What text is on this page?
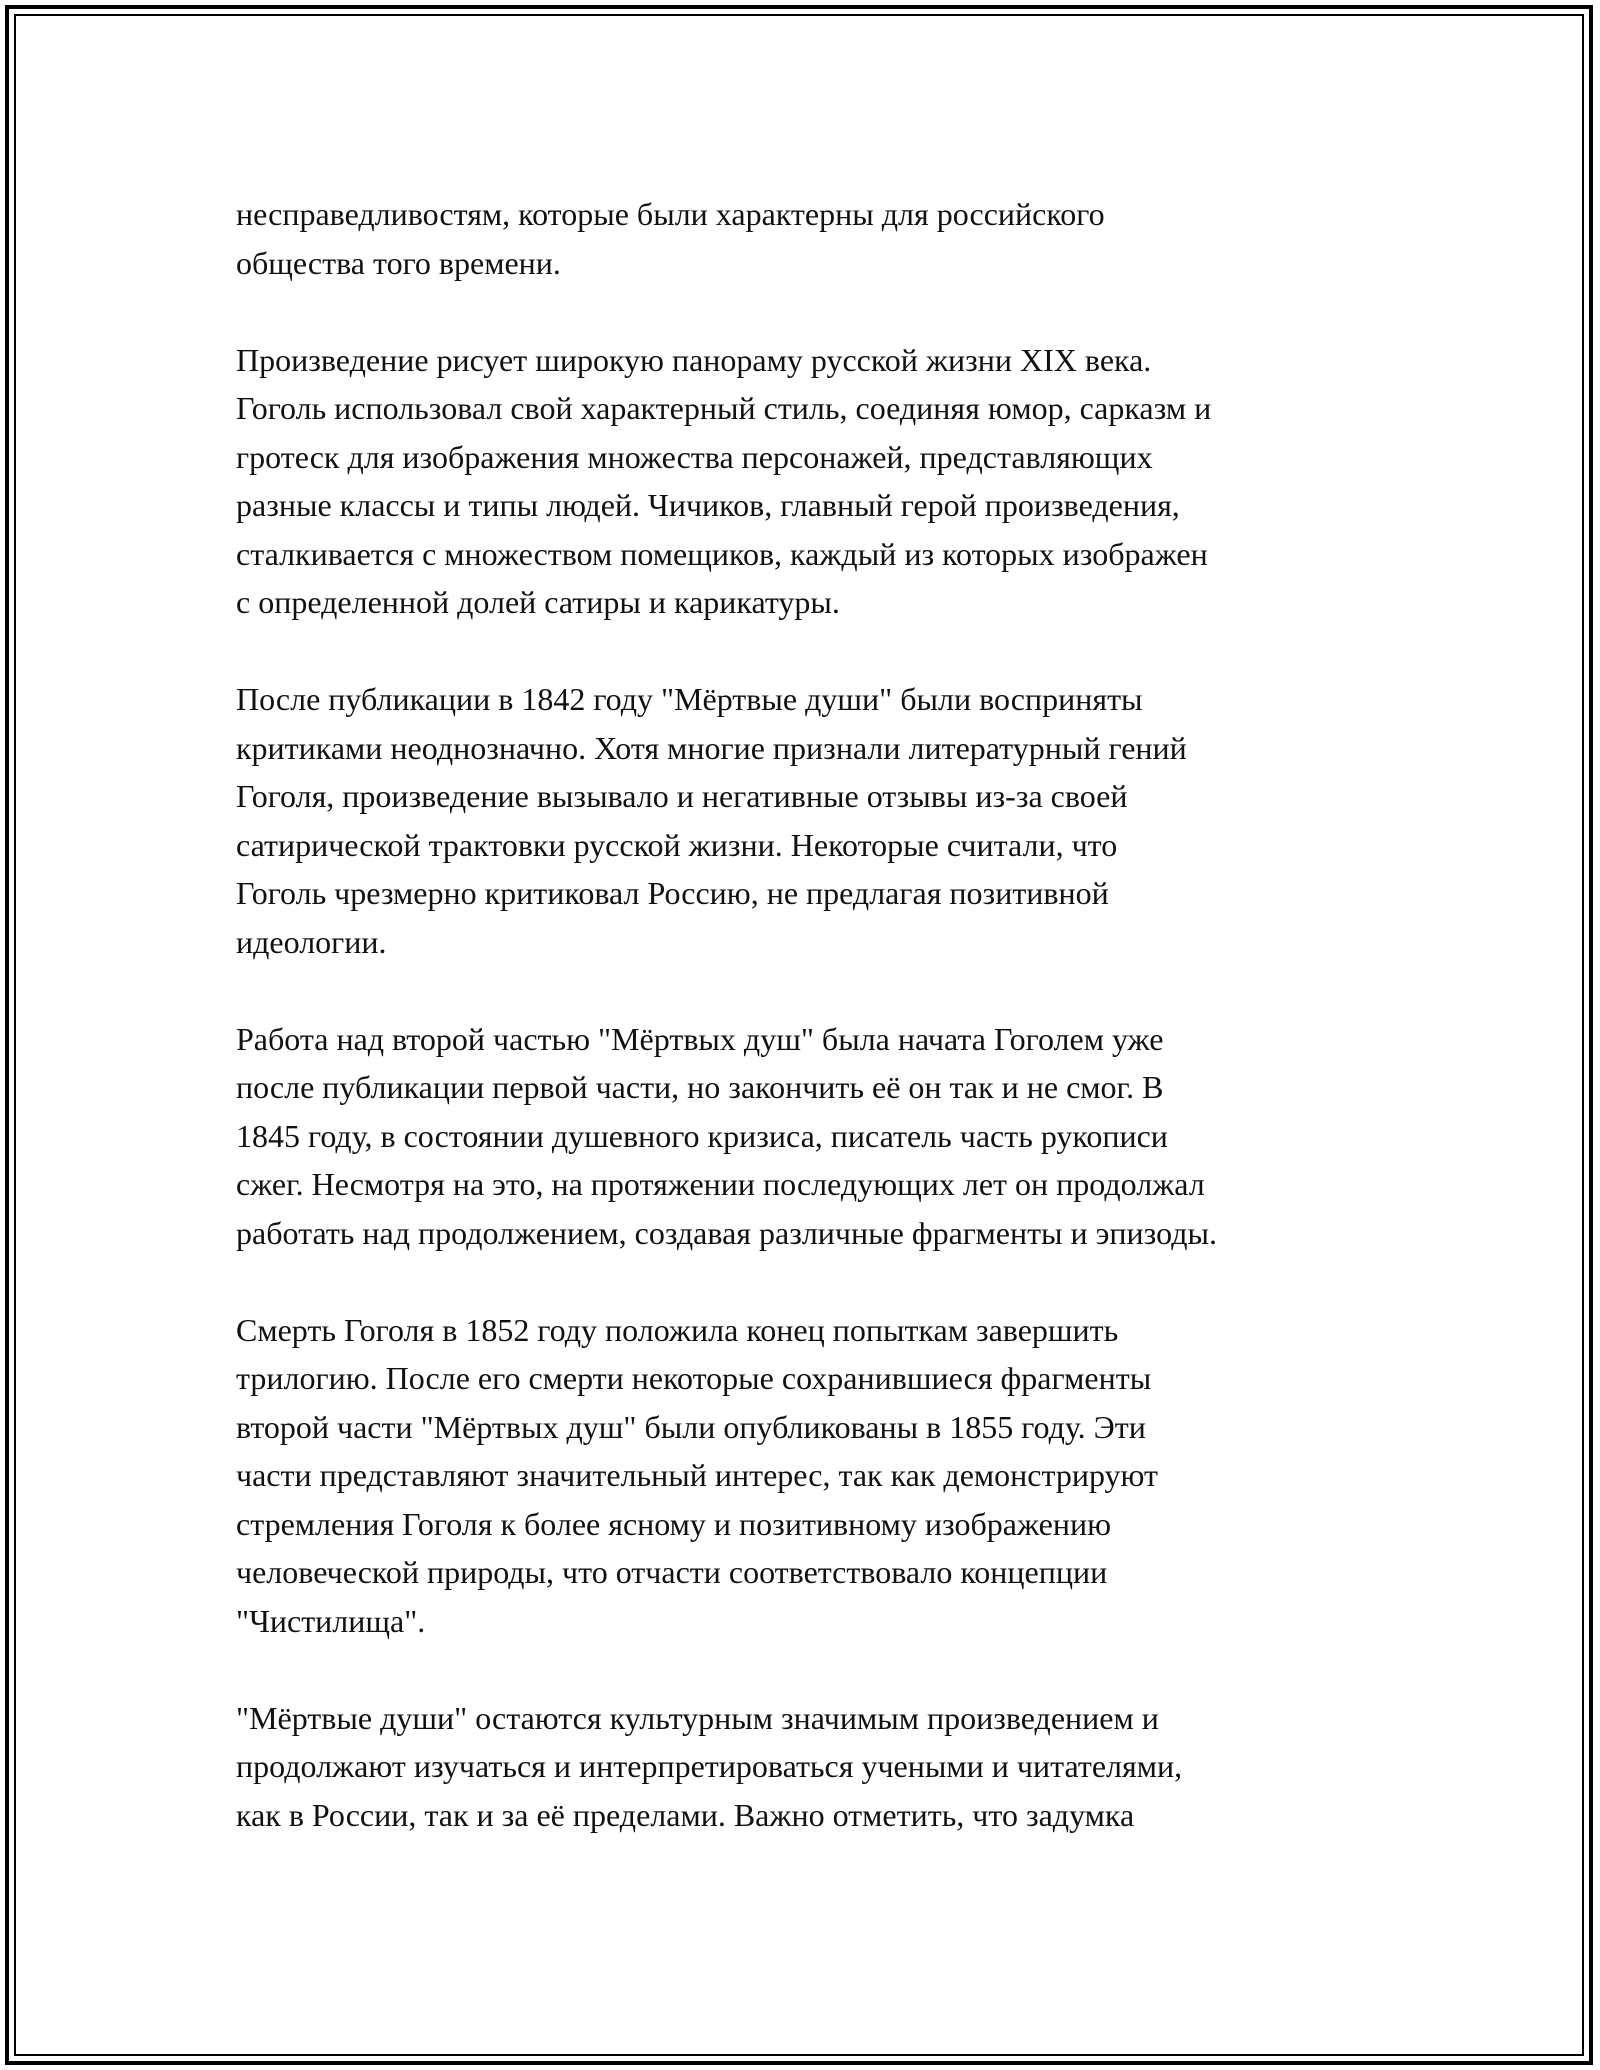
несправедливостям, которые были характерны для российского
общества того времени.

Произведение рисует широкую панораму русской жизни XIX века.
Гоголь использовал свой характерный стиль, соединяя юмор, сарказм и
гротеск для изображения множества персонажей, представляющих
разные классы и типы людей. Чичиков, главный герой произведения,
сталкивается с множеством помещиков, каждый из которых изображен
с определенной долей сатиры и карикатуры.

После публикации в 1842 году "Мёртвые души" были восприняты
критиками неоднозначно. Хотя многие признали литературный гений
Гоголя, произведение вызывало и негативные отзывы из-за своей
сатирической трактовки русской жизни. Некоторые считали, что
Гоголь чрезмерно критиковал Россию, не предлагая позитивной
идеологии.

Работа над второй частью "Мёртвых душ" была начата Гоголем уже
после публикации первой части, но закончить её он так и не смог. В
1845 году, в состоянии душевного кризиса, писатель часть рукописи
сжег. Несмотря на это, на протяжении последующих лет он продолжал
работать над продолжением, создавая различные фрагменты и эпизоды.

Смерть Гоголя в 1852 году положила конец попыткам завершить
трилогию. После его смерти некоторые сохранившиеся фрагменты
второй части "Мёртвых душ" были опубликованы в 1855 году. Эти
части представляют значительный интерес, так как демонстрируют
стремления Гоголя к более ясному и позитивному изображению
человеческой природы, что отчасти соответствовало концепции
"Чистилища".

"Мёртвые души" остаются культурным значимым произведением и
продолжают изучаться и интерпретироваться учеными и читателями,
как в России, так и за её пределами. Важно отметить, что задумка
